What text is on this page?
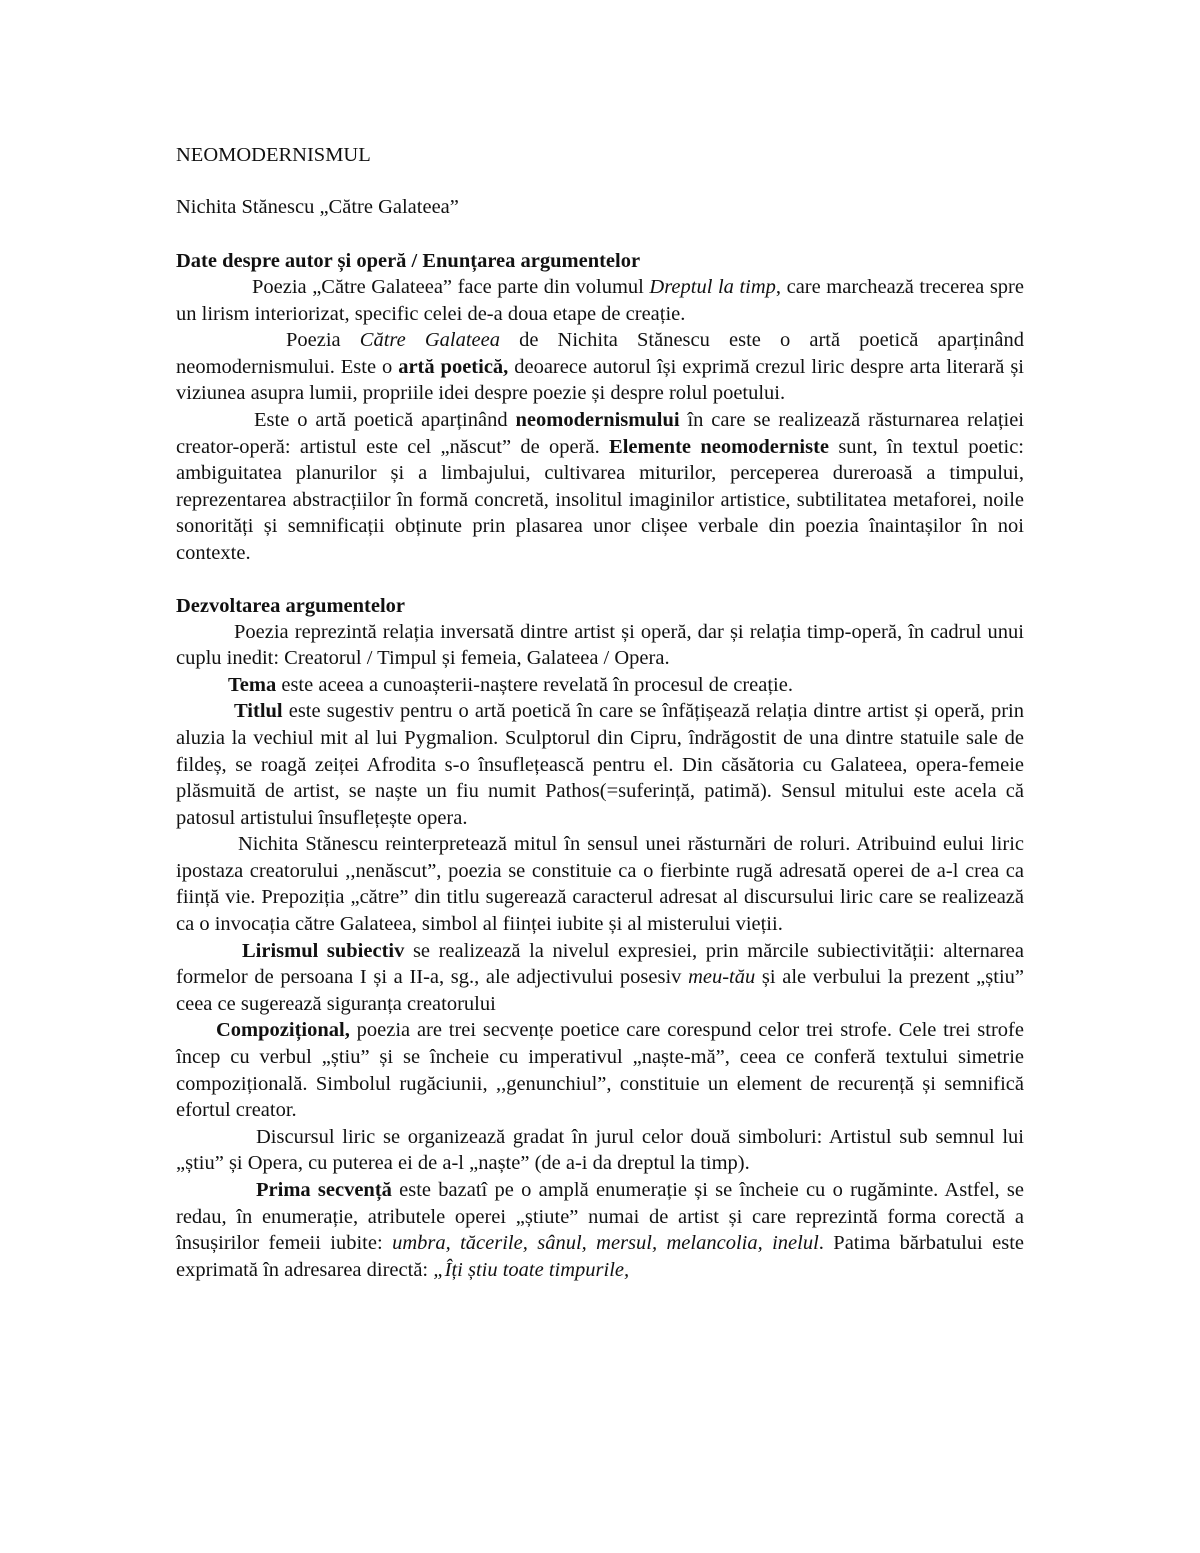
NEOMODERNISMUL
Nichita Stănescu „Către Galateea”
Date despre autor și operă / Enunțarea argumentelor

Poezia „Către Galateea” face parte din volumul Dreptul la timp, care marchează trecerea spre un lirism interiorizat, specific celei de-a doua etape de creație.

Poezia Către Galateea de Nichita Stănescu este o artă poetică aparținând neomodernismului. Este o artă poetică, deoarece autorul își exprimă crezul liric despre arta literară și viziunea asupra lumii, propriile idei despre poezie și despre rolul poetului.

Este o artă poetică aparținând neomodernismului în care se realizează răsturnarea relației creator-operă: artistul este cel „născut” de operă. Elemente neomoderniste sunt, în textul poetic: ambiguitatea planurilor și a limbajului, cultivarea miturilor, perceperea dureroasă a timpului, reprezentarea abstracțiilor în formă concretă, insolitul imaginilor artistice, subtilitatea metaforei, noile sonorități și semnificații obținute prin plasarea unor clișee verbale din poezia înaintașilor în noi contexte.

Dezvoltarea argumentelor

Poezia reprezintă relația inversată dintre artist și operă, dar și relația timp-operă, în cadrul unui cuplu inedit: Creatorul / Timpul și femeia, Galateea / Opera.

Tema este aceea a cunoașterii-naștere revelată în procesul de creație.

Titlul este sugestiv pentru o artă poetică în care se înfățișează relația dintre artist și operă, prin aluzia la vechiul mit al lui Pygmalion. Sculptorul din Cipru, îndrăgostit de una dintre statuile sale de fildeș, se roagă zeiței Afrodita s-o însuflețească pentru el. Din căsătoria cu Galateea, opera-femeie plăsmuită de artist, se naște un fiu numit Pathos(=suferință, patimă). Sensul mitului este acela că patosul artistului însuflețește opera.

Nichita Stănescu reinterpretează mitul în sensul unei răsturnări de roluri. Atribuind eului liric ipostaza creatorului ,,nenăscut”, poezia se constituie ca o fierbinte rugă adresată operei de a-l crea ca ființă vie. Prepoziția „către” din titlu sugerează caracterul adresat al discursului liric care se realizează ca o invocația către Galateea, simbol al ființei iubite și al misterului vieții.

Lirismul subiectiv se realizează la nivelul expresiei, prin mărcile subiectivității: alternarea formelor de persoana I și a II-a, sg., ale adjectivului posesiv meu-tău și ale verbului la prezent „știu” ceea ce sugerează siguranța creatorului

Compozițional, poezia are trei secvențe poetice care corespund celor trei strofe. Cele trei strofe încep cu verbul „știu” și se încheie cu imperativul „naște-mă”, ceea ce conferă textului simetrie compozițională. Simbolul rugăciunii, ,,genunchiul”, constituie un element de recurență și semnifică efortul creator.

Discursul liric se organizează gradat în jurul celor două simboluri: Artistul sub semnul lui „știu” și Opera, cu puterea ei de a-l „naște” (de a-i da dreptul la timp).

Prima secvență este bazatî pe o amplă enumerație și se încheie cu o rugăminte. Astfel, se redau, în enumerație, atributele operei „știute” numai de artist și care reprezintă forma corectă a însușirilor femeii iubite: umbra, tăcerile, sânul, mersul, melancolia, inelul. Patima bărbatului este exprimată în adresarea directă: „Îți știu toate timpurile,
